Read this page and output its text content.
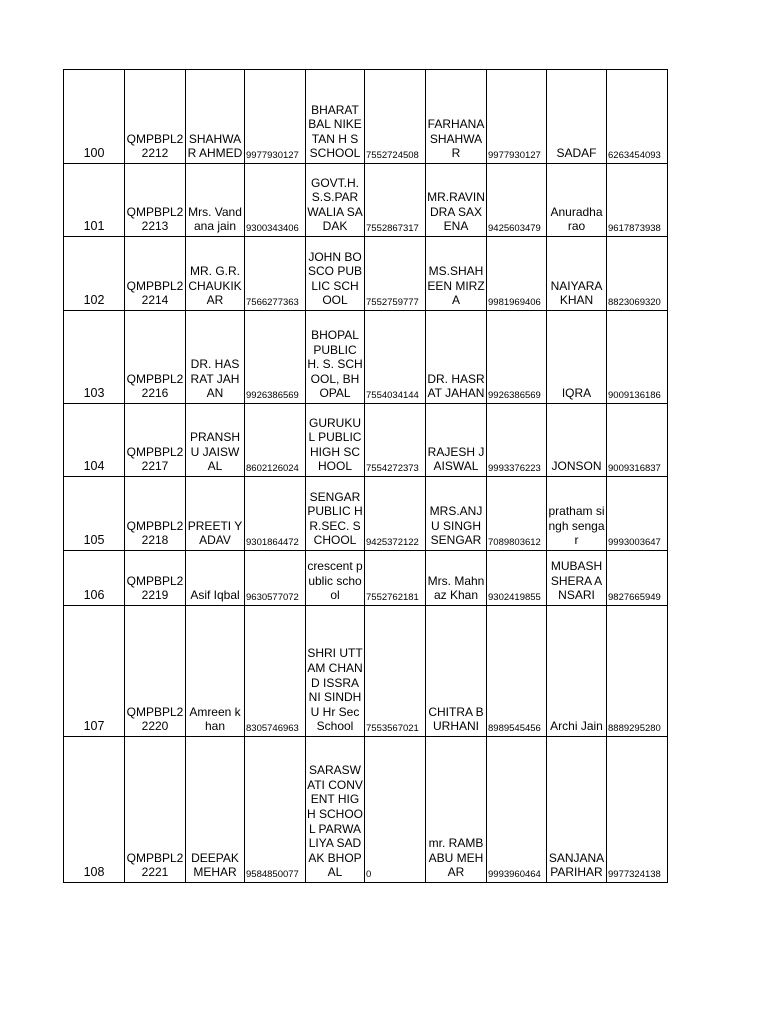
100	QMPBPL22212	SHAHWAR AHMED	9977930127	BHARAT BAL NIKETAN H S SCHOOL	7552724508	FARHANA SHAHWAR	9977930127	SADAF	6263454093
101	QMPBPL22213	Mrs. Vandana jain	9300343406	GOVT.H.S.S.PARWALIA SADAK	7552867317	MR.RAVINDRA SAXENA	9425603479	Anuradha rao	9617873938
102	QMPBPL22214	MR. G.R.CHAUKIKAR	7566277363	JOHN BOSCO PUBLIC SCHOOL	7552759777	MS.SHAHEEN MIRZA	9981969406	NAIYARA KHAN	8823069320
103	QMPBPL22216	DR. HASRAT JAHAN	9926386569	BHOPAL PUBLIC H. S. SCHOOL, BHOPAL	7554034144	DR. HASRAT JAHAN	9926386569	IQRA	9009136186
104	QMPBPL22217	PRANSHU JAISWAL	8602126024	GURUKUL PUBLIC HIGH SCHOOL	7554272373	RAJESH JAISWAL	9993376223	JONSON	9009316837
105	QMPBPL22218	PREETI YADAV	9301864472	SENGAR PUBLIC HR.SEC. SCHOOL	9425372122	MRS.ANJU SINGH SENGAR	7089803612	pratham singh sengar	9993003647
106	QMPBPL22219	Asif Iqbal	9630577072	crescent public school	7552762181	Mrs. Mahnaz Khan	9302419855	MUBASHSHERA ANSARI	9827665949
107	QMPBPL22220	Amreen khan	8305746963	SHRI UTTAM CHAND ISSRANI SINDHU Hr Sec School	7553567021	CHITRA BURHANI	8989545456	Archi Jain	8889295280
108	QMPBPL22221	DEEPAK MEHAR	9584850077	SARASWATI CONVENT HIGH SCHOOL PARWALIYA SADAK BHOPAL	0	mr. RAMBABU MEHAR	9993960464	SANJANA PARIHAR	9977324138
